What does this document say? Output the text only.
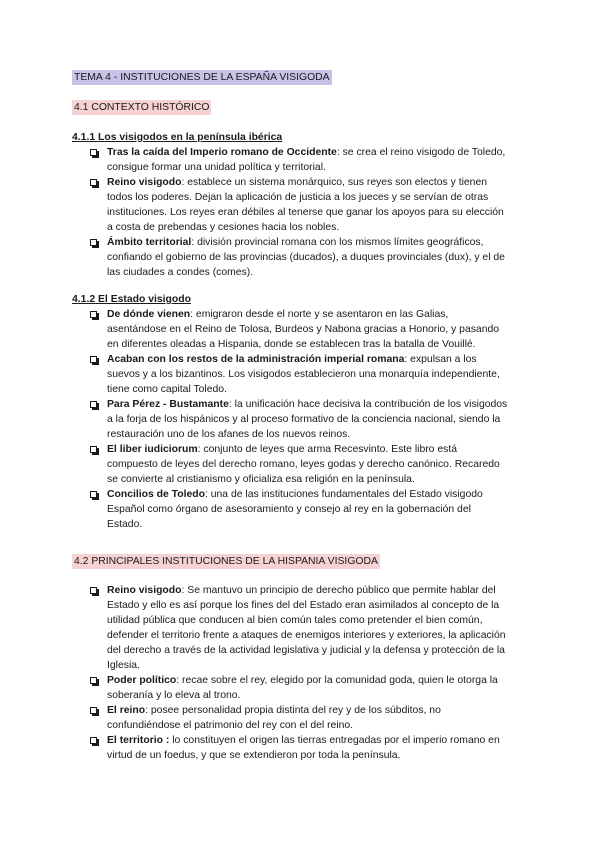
TEMA 4 - INSTITUCIONES DE LA ESPAÑA VISIGODA
4.1 CONTEXTO HISTÓRICO
4.1.1 Los visigodos en la península ibérica
Tras la caída del Imperio romano de Occidente: se crea el reino visigodo de Toledo, consigue formar una unidad política y territorial.
Reino visigodo: establece un sistema monárquico, sus reyes son electos y tienen todos los poderes. Dejan la aplicación de justicia a los jueces y se servían de otras instituciones. Los reyes eran débiles al tenerse que ganar los apoyos para su elección a costa de prebendas y cesiones hacia los nobles.
Ámbito territorial: división provincial romana con los mismos límites geográficos, confiando el gobierno de las provincias (ducados), a duques provinciales (dux), y el de las ciudades a condes (comes).
4.1.2 El Estado visigodo
De dónde vienen: emigraron desde el norte y se asentaron en las Galias, asentándose en el Reino de Tolosa, Burdeos y Nabona gracias a Honorio, y pasando en diferentes oleadas a Hispania, donde se establecen tras la batalla de Vouillé.
Acaban con los restos de la administración imperial romana: expulsan a los suevos y a los bizantinos. Los visigodos establecieron una monarquía independiente, tiene como capital Toledo.
Para Pérez - Bustamante: la unificación hace decisiva la contribución de los visigodos a la forja de los hispánicos y al proceso formativo de la conciencia nacional, siendo la restauración uno de los afanes de los nuevos reinos.
El liber iudiciorum: conjunto de leyes que arma Recesvinto. Este libro está compuesto de leyes del derecho romano, leyes godas y derecho canónico. Recaredo se convierte al cristianismo y oficializa esa religión en la península.
Concilios de Toledo: una de las instituciones fundamentales del Estado visigodo Español como órgano de asesoramiento y consejo al rey en la gobernación del Estado.
4.2 PRINCIPALES INSTITUCIONES DE LA HISPANIA VISIGODA
Reino visigodo: Se mantuvo un principio de derecho público que permite hablar del Estado y ello es así porque los fines del del Estado eran asimilados al concepto de la utilidad pública que conducen al bien común tales como pretender el bien común, defender el territorio frente a ataques de enemigos interiores y exteriores, la aplicación del derecho a través de la actividad legislativa y judicial y la defensa y protección de la Iglesia.
Poder político: recae sobre el rey, elegido por la comunidad goda, quien le otorga la soberanía y lo eleva al trono.
El reino: posee personalidad propia distinta del rey y de los súbditos, no confundiéndose el patrimonio del rey con el del reino.
El territorio : lo constituyen el origen las tierras entregadas por el imperio romano en virtud de un foedus, y que se extendieron por toda la península.
